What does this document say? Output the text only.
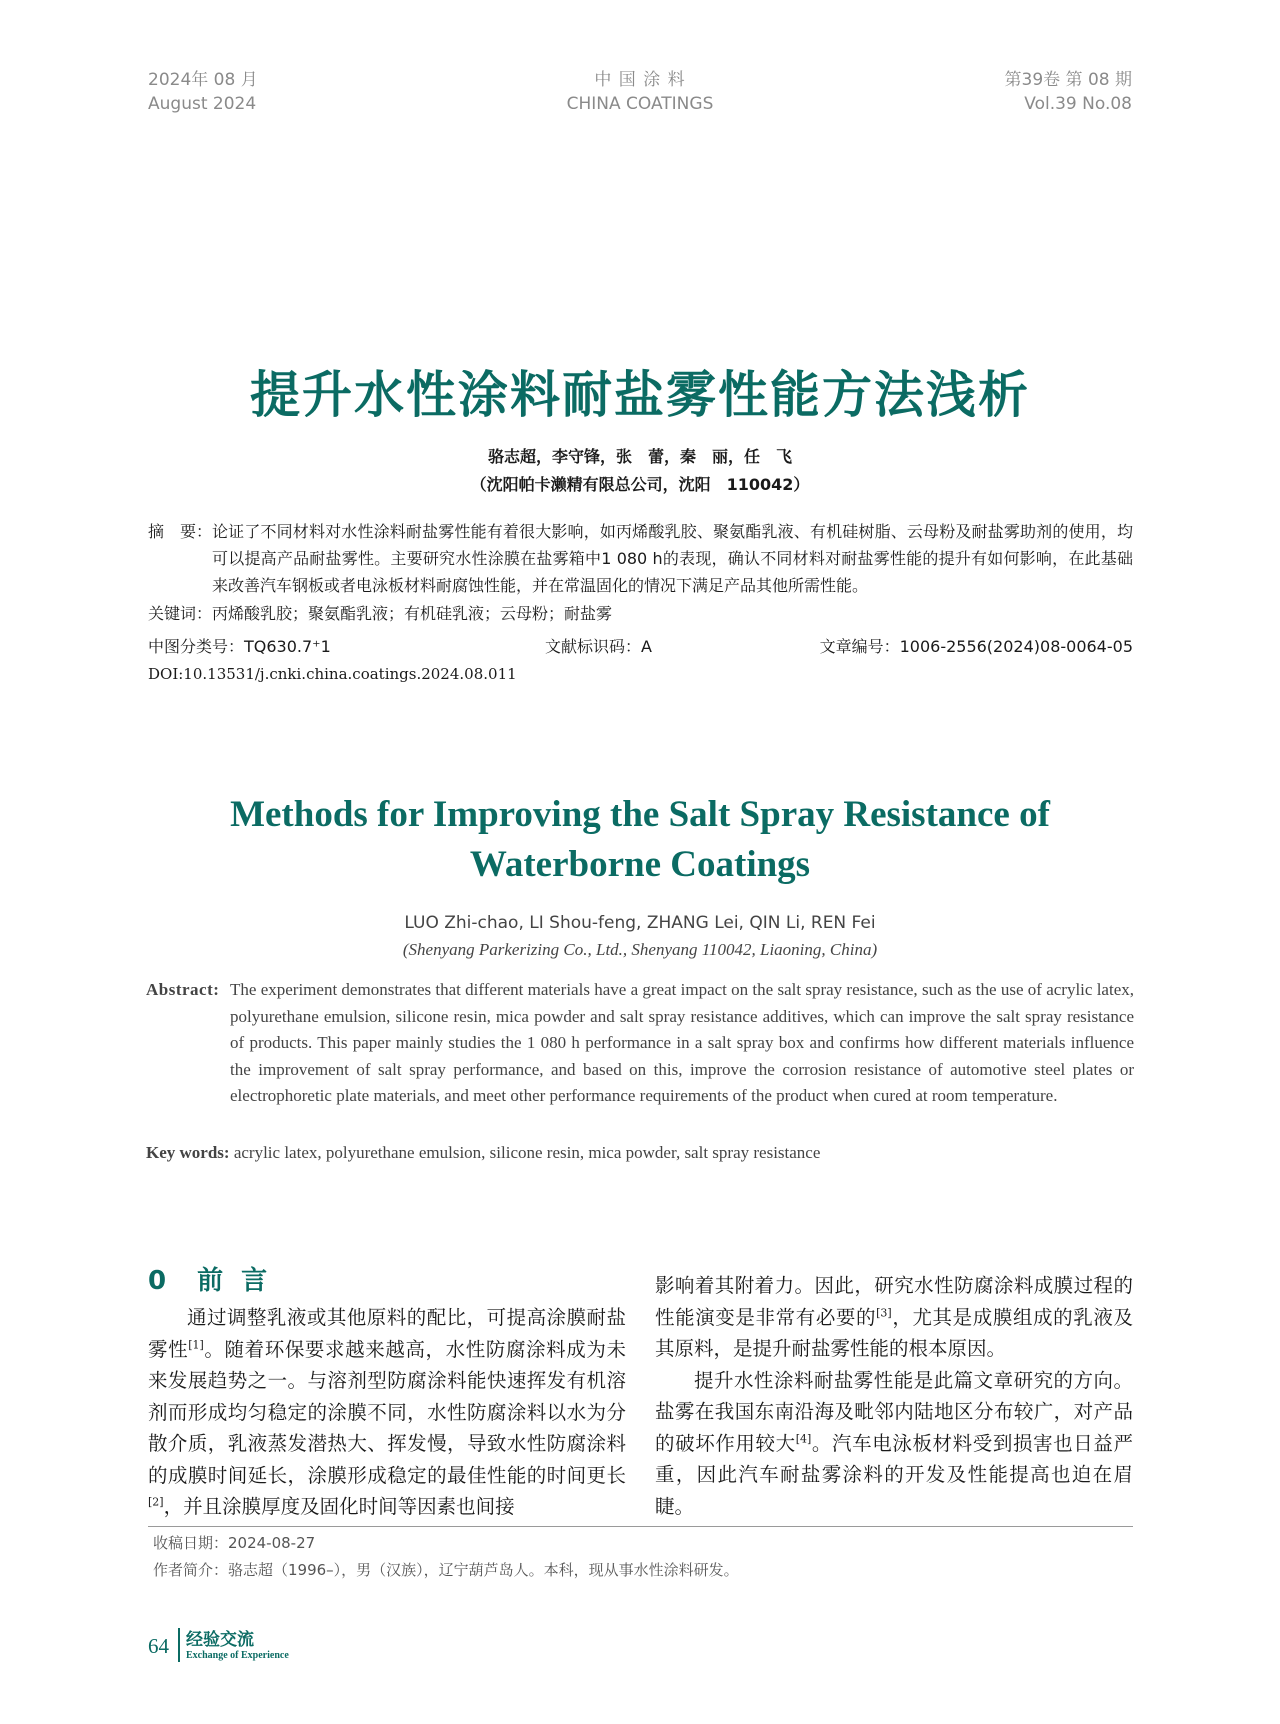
2024年 08 月
August 2024
中 国 涂 料
CHINA COATINGS
第39卷 第 08 期
Vol.39 No.08
提升水性涂料耐盐雾性能方法浅析
骆志超，李守锋，张　蕾，秦　丽，任　飞
（沈阳帕卡濑精有限总公司，沈阳　110042）
摘　要： 论证了不同材料对水性涂料耐盐雾性能有着很大影响，如丙烯酸乳胶、聚氨酯乳液、有机硅树脂、云母粉及耐盐雾助剂的使用，均可以提高产品耐盐雾性。主要研究水性涂膜在盐雾箱中1 080 h的表现，确认不同材料对耐盐雾性能的提升有如何影响，在此基础来改善汽车钢板或者电泳板材料耐腐蚀性能，并在常温固化的情况下满足产品其他所需性能。
关键词：丙烯酸乳胶；聚氨酯乳液；有机硅乳液；云母粉；耐盐雾
中图分类号：TQ630.7⁺1	文献标识码：A	文章编号：1006-2556(2024)08-0064-05
DOI:10.13531/j.cnki.china.coatings.2024.08.011
Methods for Improving the Salt Spray Resistance of
Waterborne Coatings
LUO Zhi-chao, LI Shou-feng, ZHANG Lei, QIN Li, REN Fei
(Shenyang Parkerizing Co., Ltd., Shenyang 110042, Liaoning, China)
Abstract: The experiment demonstrates that different materials have a great impact on the salt spray resistance, such as the use of acrylic latex, polyurethane emulsion, silicone resin, mica powder and salt spray resistance additives, which can improve the salt spray resistance of products. This paper mainly studies the 1 080 h performance in a salt spray box and confirms how different materials influence the improvement of salt spray performance, and based on this, improve the corrosion resistance of automotive steel plates or electrophoretic plate materials, and meet other performance requirements of the product when cured at room temperature.
Key words: acrylic latex, polyurethane emulsion, silicone resin, mica powder, salt spray resistance
0 前言

通过调整乳液或其他原料的配比，可提高涂膜耐盐雾性[1]。随着环保要求越来越高，水性防腐涂料成为未来发展趋势之一。与溶剂型防腐涂料能快速挥发有机溶剂而形成均匀稳定的涂膜不同，水性防腐涂料以水为分散介质，乳液蒸发潜热大、挥发慢，导致水性防腐涂料的成膜时间延长，涂膜形成稳定的最佳性能的时间更长[2]，并且涂膜厚度及固化时间等因素也间接

影响着其附着力。因此，研究水性防腐涂料成膜过程的性能演变是非常有必要的[3]，尤其是成膜组成的乳液及其原料，是提升耐盐雾性能的根本原因。

提升水性涂料耐盐雾性能是此篇文章研究的方向。盐雾在我国东南沿海及毗邻内陆地区分布较广，对产品的破坏作用较大[4]。汽车电泳板材料受到损害也日益严重，因此汽车耐盐雾涂料的开发及性能提高也迫在眉睫。

收稿日期：2024-08-27
作者简介：骆志超（1996–），男（汉族），辽宁葫芦岛人。本科，现从事水性涂料研发。
64 经验交流
Exchange of Experience
